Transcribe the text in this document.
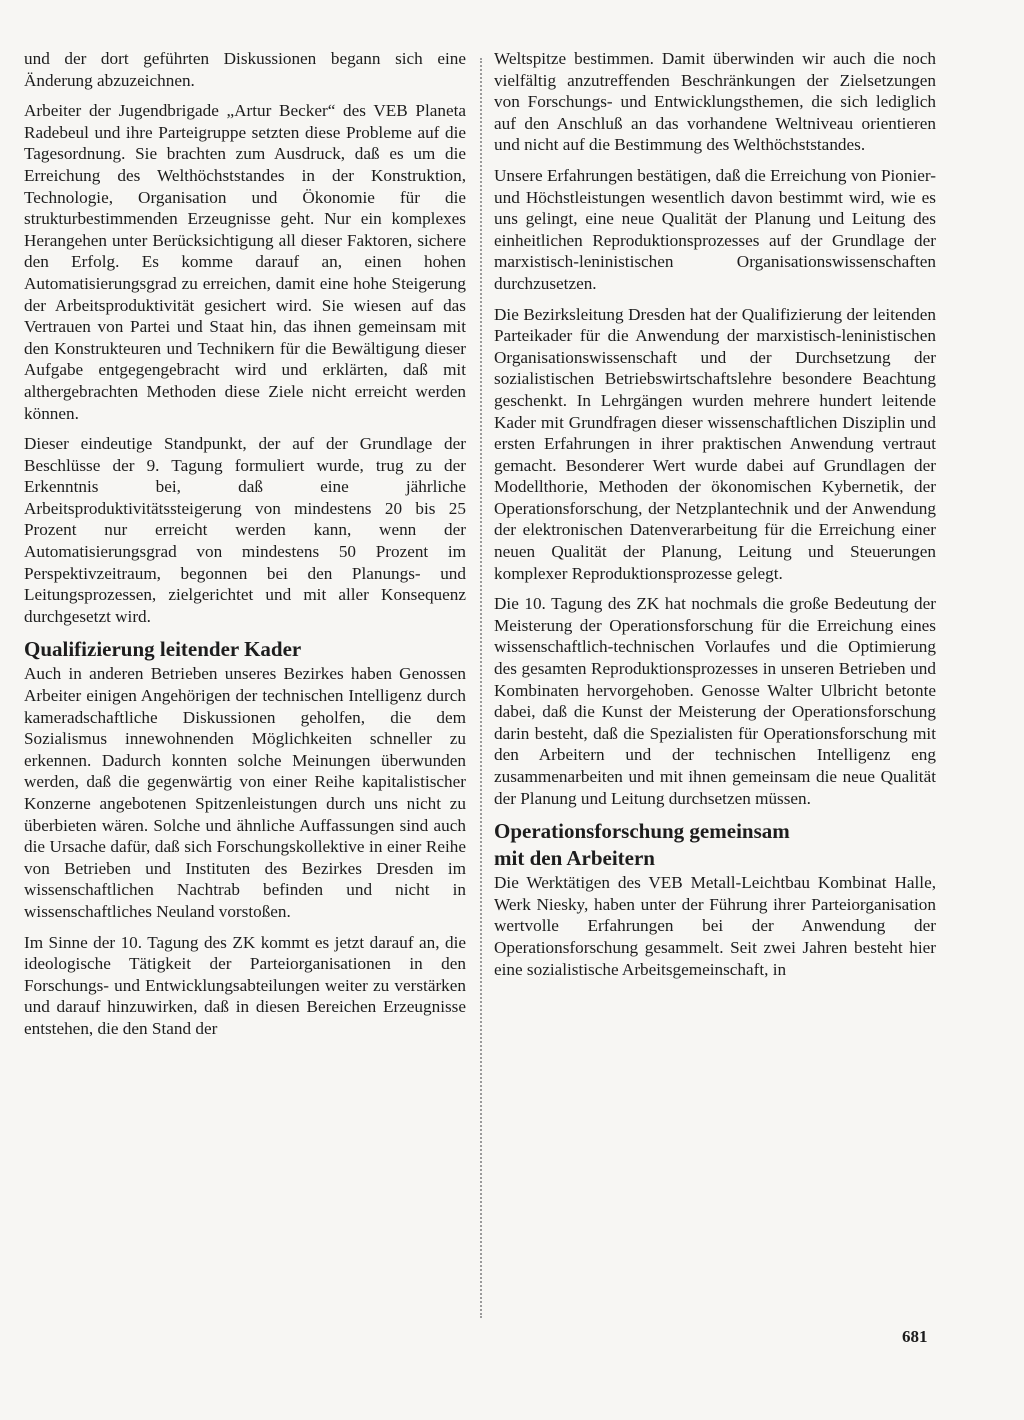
und der dort geführten Diskussionen begann sich eine Änderung abzuzeichnen.

Arbeiter der Jugendbrigade „Artur Becker“ des VEB Planeta Radebeul und ihre Parteigruppe setzten diese Probleme auf die Tagesordnung. Sie brachten zum Ausdruck, daß es um die Erreichung des Welthöchststandes in der Konstruktion, Technologie, Organisation und Ökonomie für die strukturbestimmenden Erzeugnisse geht. Nur ein komplexes Herangehen unter Berücksichtigung all dieser Faktoren, sichere den Erfolg. Es komme darauf an, einen hohen Automatisierungsgrad zu erreichen, damit eine hohe Steigerung der Arbeitsproduktivität gesichert wird. Sie wiesen auf das Vertrauen von Partei und Staat hin, das ihnen gemeinsam mit den Konstrukteuren und Technikern für die Bewältigung dieser Aufgabe entgegengebracht wird und erklärten, daß mit althergebrachten Methoden diese Ziele nicht erreicht werden können.

Dieser eindeutige Standpunkt, der auf der Grundlage der Beschlüsse der 9. Tagung formuliert wurde, trug zu der Erkenntnis bei, daß eine jährliche Arbeitsproduktivitätssteigerung von mindestens 20 bis 25 Prozent nur erreicht werden kann, wenn der Automatisierungsgrad von mindestens 50 Prozent im Perspektivzeitraum, begonnen bei den Planungs- und Leitungsprozessen, zielgerichtet und mit aller Konsequenz durchgesetzt wird.

Qualifizierung leitender Kader

Auch in anderen Betrieben unseres Bezirkes haben Genossen Arbeiter einigen Angehörigen der technischen Intelligenz durch kameradschaftliche Diskussionen geholfen, die dem Sozialismus innewohnenden Möglichkeiten schneller zu erkennen. Dadurch konnten solche Meinungen überwunden werden, daß die gegenwärtig von einer Reihe kapitalistischer Konzerne angebotenen Spitzenleistungen durch uns nicht zu überbieten wären. Solche und ähnliche Auffassungen sind auch die Ursache dafür, daß sich Forschungskollektive in einer Reihe von Betrieben und Instituten des Bezirkes Dresden im wissenschaftlichen Nachtrab befinden und nicht in wissenschaftliches Neuland vorstoßen.

Im Sinne der 10. Tagung des ZK kommt es jetzt darauf an, die ideologische Tätigkeit der Parteiorganisationen in den Forschungs- und Entwicklungsabteilungen weiter zu verstärken und darauf hinzuwirken, daß in diesen Bereichen Erzeugnisse entstehen, die den Stand der

Weltspitze bestimmen. Damit überwinden wir auch die noch vielfältig anzutreffenden Beschränkungen der Zielsetzungen von Forschungs- und Entwicklungsthemen, die sich lediglich auf den Anschluß an das vorhandene Weltniveau orientieren und nicht auf die Bestimmung des Welthöchststandes.

Unsere Erfahrungen bestätigen, daß die Erreichung von Pionier- und Höchstleistungen wesentlich davon bestimmt wird, wie es uns gelingt, eine neue Qualität der Planung und Leitung des einheitlichen Reproduktionsprozesses auf der Grundlage der marxistisch-leninistischen Organisationswissenschaften durchzusetzen.

Die Bezirksleitung Dresden hat der Qualifizierung der leitenden Parteikader für die Anwendung der marxistisch-leninistischen Organisationswissenschaft und der Durchsetzung der sozialistischen Betriebswirtschaftslehre besondere Beachtung geschenkt. In Lehrgängen wurden mehrere hundert leitende Kader mit Grundfragen dieser wissenschaftlichen Disziplin und ersten Erfahrungen in ihrer praktischen Anwendung vertraut gemacht. Besonderer Wert wurde dabei auf Grundlagen der Modellthorie, Methoden der ökonomischen Kybernetik, der Operationsforschung, der Netzplantechnik und der Anwendung der elektronischen Datenverarbeitung für die Erreichung einer neuen Qualität der Planung, Leitung und Steuerungen komplexer Reproduktionsprozesse gelegt.

Die 10. Tagung des ZK hat nochmals die große Bedeutung der Meisterung der Operationsforschung für die Erreichung eines wissenschaftlich-technischen Vorlaufes und die Optimierung des gesamten Reproduktionsprozesses in unseren Betrieben und Kombinaten hervorgehoben. Genosse Walter Ulbricht betonte dabei, daß die Kunst der Meisterung der Operationsforschung darin besteht, daß die Spezialisten für Operationsforschung mit den Arbeitern und der technischen Intelligenz eng zusammenarbeiten und mit ihnen gemeinsam die neue Qualität der Planung und Leitung durchsetzen müssen.

Operationsforschung gemeinsam
mit den Arbeitern

Die Werktätigen des VEB Metall-Leichtbau Kombinat Halle, Werk Niesky, haben unter der Führung ihrer Parteiorganisation wertvolle Erfahrungen bei der Anwendung der Operationsforschung gesammelt. Seit zwei Jahren besteht hier eine sozialistische Arbeitsgemeinschaft, in

681
